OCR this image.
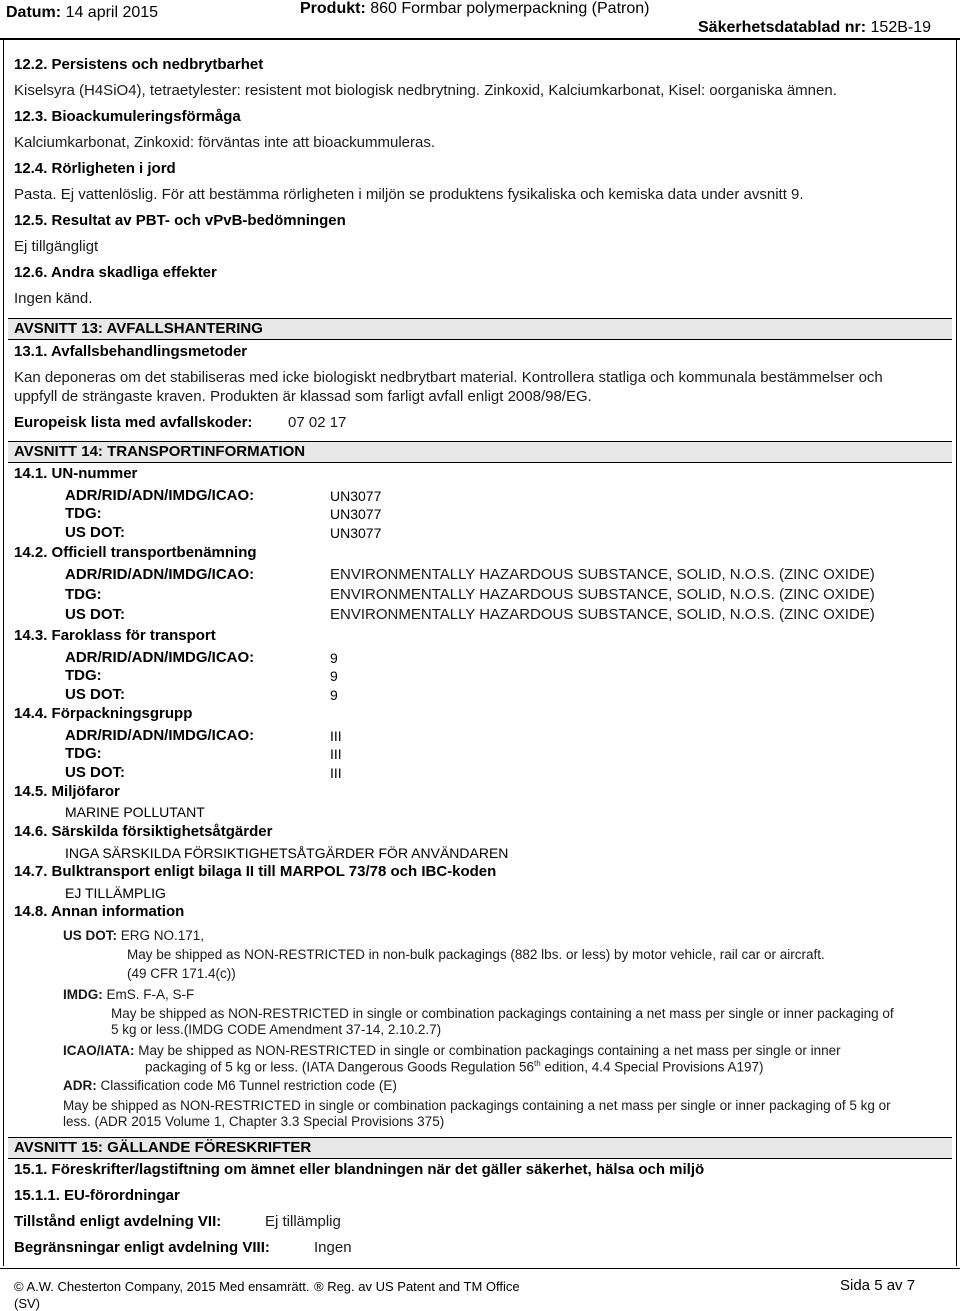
Datum: 14 april 2015	Produkt: 860 Formbar polymerpackning (Patron)
Säkerhetsdatablad nr: 152B-19
12.2. Persistens och nedbrytbarhet
Kiselsyra (H4SiO4), tetraetylester: resistent mot biologisk nedbrytning. Zinkoxid, Kalciumkarbonat, Kisel: oorganiska ämnen.
12.3. Bioackumuleringsförmåga
Kalciumkarbonat, Zinkoxid: förväntas inte att bioackummuleras.
12.4. Rörligheten i jord
Pasta. Ej vattenlöslig. För att bestämma rörligheten i miljön se produktens fysikaliska och kemiska data under avsnitt 9.
12.5. Resultat av PBT- och vPvB-bedömningen
Ej tillgängligt
12.6. Andra skadliga effekter
Ingen känd.
AVSNITT 13: AVFALLSHANTERING
13.1. Avfallsbehandlingsmetoder
Kan deponeras om det stabiliseras med icke biologiskt nedbrytbart material. Kontrollera statliga och kommunala bestämmelser och
uppfyll de strängaste kraven. Produkten är klassad som farligt avfall enligt 2008/98/EG.
Europeisk lista med avfallskoder: 07 02 17
AVSNITT 14: TRANSPORTINFORMATION
14.1. UN-nummer
ADR/RID/ADN/IMDG/ICAO:	UN3077
TDG:	UN3077
US DOT:	UN3077
14.2. Officiell transportbenämning
ADR/RID/ADN/IMDG/ICAO:	ENVIRONMENTALLY HAZARDOUS SUBSTANCE, SOLID, N.O.S. (ZINC OXIDE)
TDG:	ENVIRONMENTALLY HAZARDOUS SUBSTANCE, SOLID, N.O.S. (ZINC OXIDE)
US DOT:	ENVIRONMENTALLY HAZARDOUS SUBSTANCE, SOLID, N.O.S. (ZINC OXIDE)
14.3. Faroklass för transport
ADR/RID/ADN/IMDG/ICAO:	9
TDG:	9
US DOT:	9
14.4. Förpackningsgrupp
ADR/RID/ADN/IMDG/ICAO:	III
TDG:	III
US DOT:	III
14.5. Miljöfaror
MARINE POLLUTANT
14.6. Särskilda försiktighetsåtgärder
INGA SÄRSKILDA FÖRSIKTIGHETSÅTGÄRDER FÖR ANVÄNDAREN
14.7. Bulktransport enligt bilaga II till MARPOL 73/78 och IBC-koden
EJ TILLÄMPLIG
14.8. Annan information
US DOT: ERG NO.171,
May be shipped as NON-RESTRICTED in non-bulk packagings (882 lbs. or less) by motor vehicle, rail car or aircraft.
(49 CFR 171.4(c))
IMDG: EmS. F-A, S-F
May be shipped as NON-RESTRICTED in single or combination packagings containing a net mass per single or inner packaging of
5 kg or less.(IMDG CODE Amendment 37-14, 2.10.2.7)
ICAO/IATA: May be shipped as NON-RESTRICTED in single or combination packagings containing a net mass per single or inner
packaging of 5 kg or less. (IATA Dangerous Goods Regulation 56th edition, 4.4 Special Provisions A197)
ADR: Classification code M6 Tunnel restriction code (E)
May be shipped as NON-RESTRICTED in single or combination packagings containing a net mass per single or inner packaging of 5 kg or
less. (ADR 2015 Volume 1, Chapter 3.3 Special Provisions 375)
AVSNITT 15: GÄLLANDE FÖRESKRIFTER
15.1. Föreskrifter/lagstiftning om ämnet eller blandningen när det gäller säkerhet, hälsa och miljö
15.1.1. EU-förordningar
Tillstånd enligt avdelning VII:	Ej tillämplig
Begränsningar enligt avdelning VIII:	Ingen
© A.W. Chesterton Company, 2015 Med ensamrätt. ® Reg. av US Patent and TM Office
(SV)
Sida 5 av 7
